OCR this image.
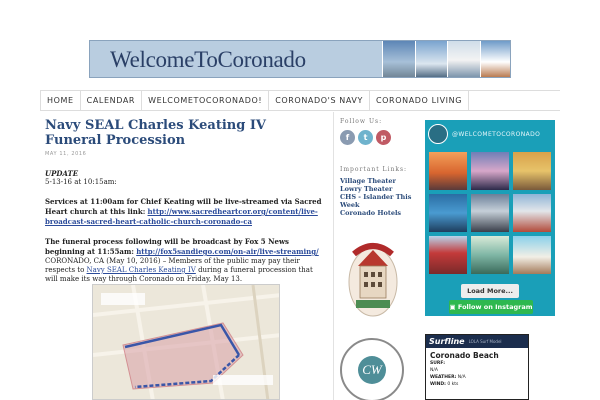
WelcomeToCoronado
HOME	CALENDAR	WELCOMETOCORONADO!	CORONADO'S NAVY	CORONADO LIVING
Navy SEAL Charles Keating IV Funeral Procession
MAY 11, 2016
UPDATE
5-13-16 at 10:15am:
Services at 11:00am for Chief Keating will be live-streamed via Sacred Heart church at this link: http://www.sacredheartcor.org/content/live-broadcast-sacred-heart-catholic-church-coronado-ca
The funeral process following will be broadcast by Fox 5 News beginning at 11:55am: http://fox5sandiego.com/on-air/live-streaming/
CORONADO, CA (May 10, 2016) – Members of the public may pay their respects to Navy SEAL Charles Keating IV during a funeral procession that will make its way through Coronado on Friday, May 13.
Follow Us:
f	t	p
Important Links:
Village Theater
Lowry Theater
CHS - Islander This Week
Coronado Hotels
CW
@WELCOMETOCORONADO
Load More...
▣ Follow on Instagram
Surfline LOLA Surf Model
Coronado Beach
SURF:
N/A
WEATHER: N/A
WIND: 0 kts
